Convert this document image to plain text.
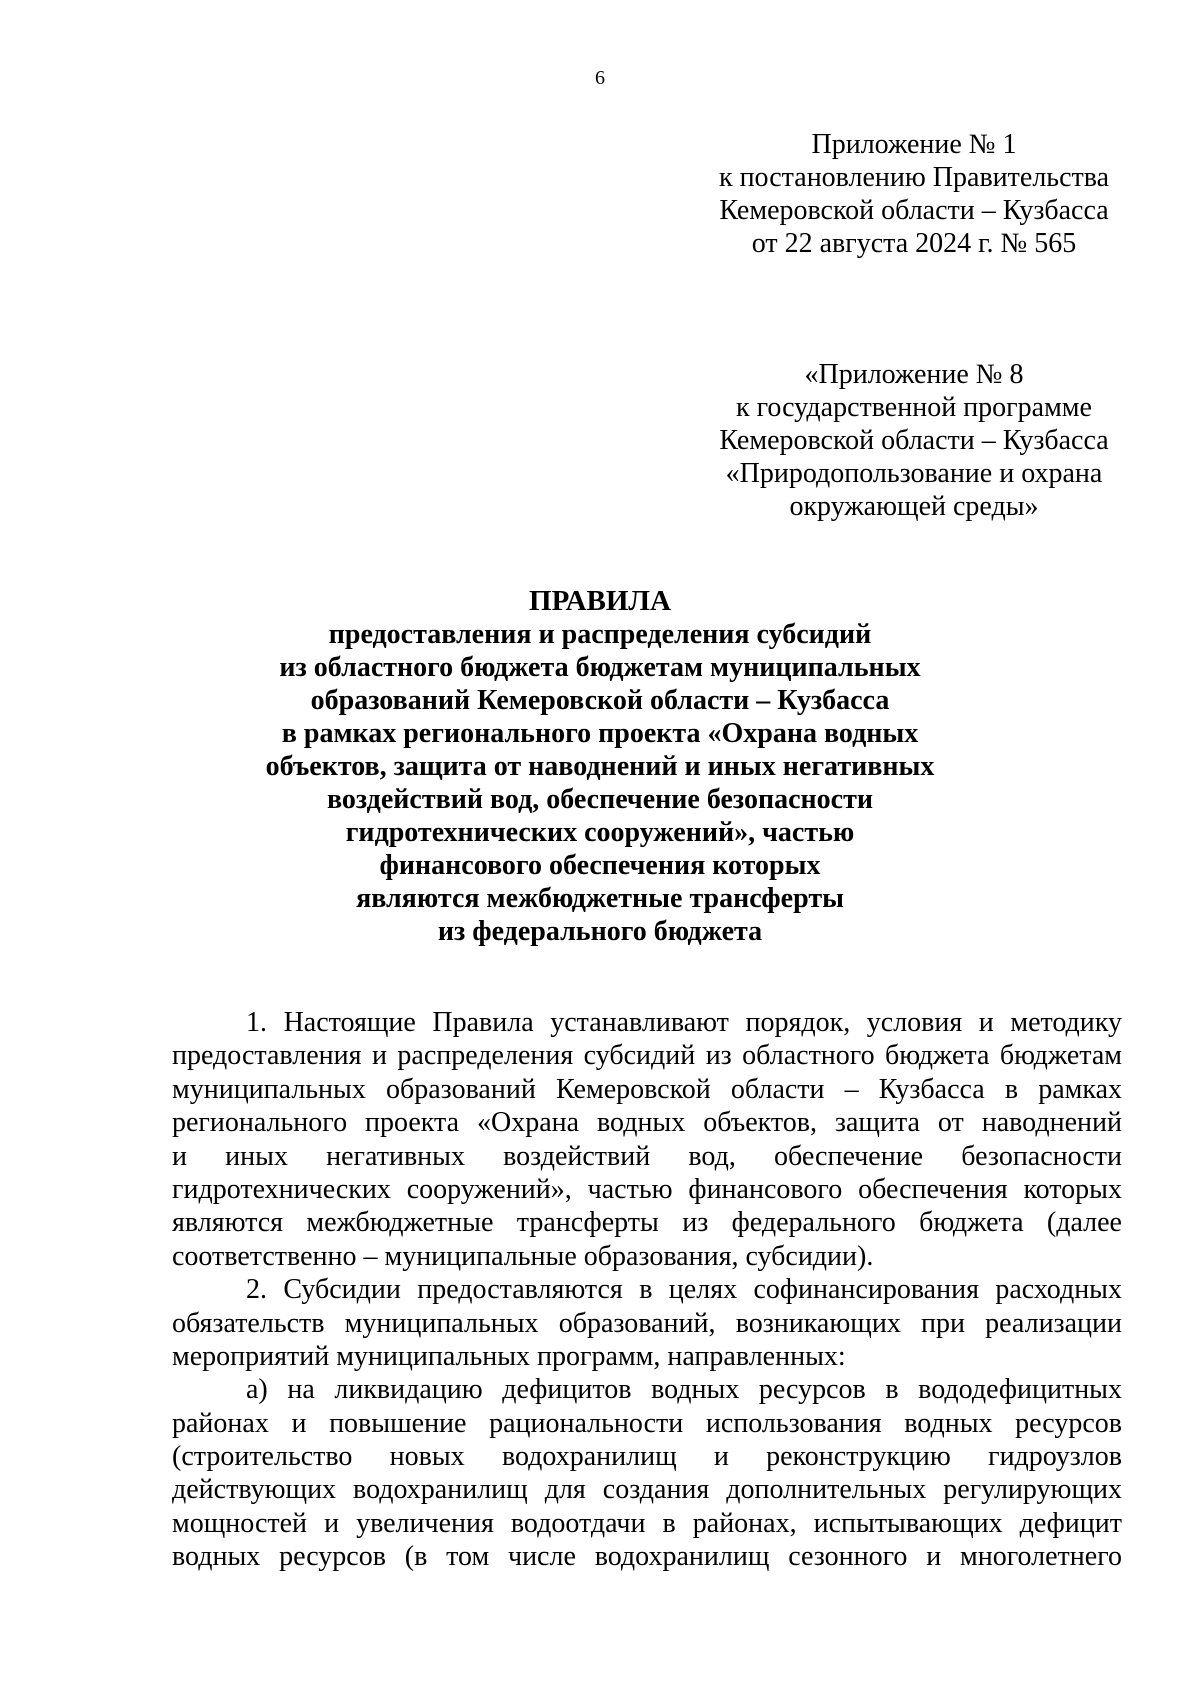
6
Приложение № 1
к постановлению Правительства
Кемеровской области – Кузбасса
от 22 августа 2024 г. № 565
«Приложение № 8
к государственной программе
Кемеровской области – Кузбасса
«Природопользование и охрана
окружающей среды»
ПРАВИЛА
предоставления и распределения субсидий
из областного бюджета бюджетам муниципальных
образований Кемеровской области – Кузбасса
в рамках регионального проекта «Охрана водных
объектов, защита от наводнений и иных негативных
воздействий вод, обеспечение безопасности
гидротехнических сооружений», частью
финансового обеспечения которых
являются межбюджетные трансферты
из федерального бюджета
1. Настоящие Правила устанавливают порядок, условия и методику
предоставления и распределения субсидий из областного бюджета бюджетам
муниципальных образований Кемеровской области – Кузбасса в рамках
регионального проекта «Охрана водных объектов, защита от наводнений
и иных негативных воздействий вод, обеспечение безопасности
гидротехнических сооружений», частью финансового обеспечения которых
являются межбюджетные трансферты из федерального бюджета (далее
соответственно – муниципальные образования, субсидии).
2. Субсидии предоставляются в целях софинансирования расходных
обязательств муниципальных образований, возникающих при реализации
мероприятий муниципальных программ, направленных:
а) на ликвидацию дефицитов водных ресурсов в вододефицитных
районах и повышение рациональности использования водных ресурсов
(строительство новых водохранилищ и реконструкцию гидроузлов
действующих водохранилищ для создания дополнительных регулирующих
мощностей и увеличения водоотдачи в районах, испытывающих дефицит
водных ресурсов (в том числе водохранилищ сезонного и многолетнего
